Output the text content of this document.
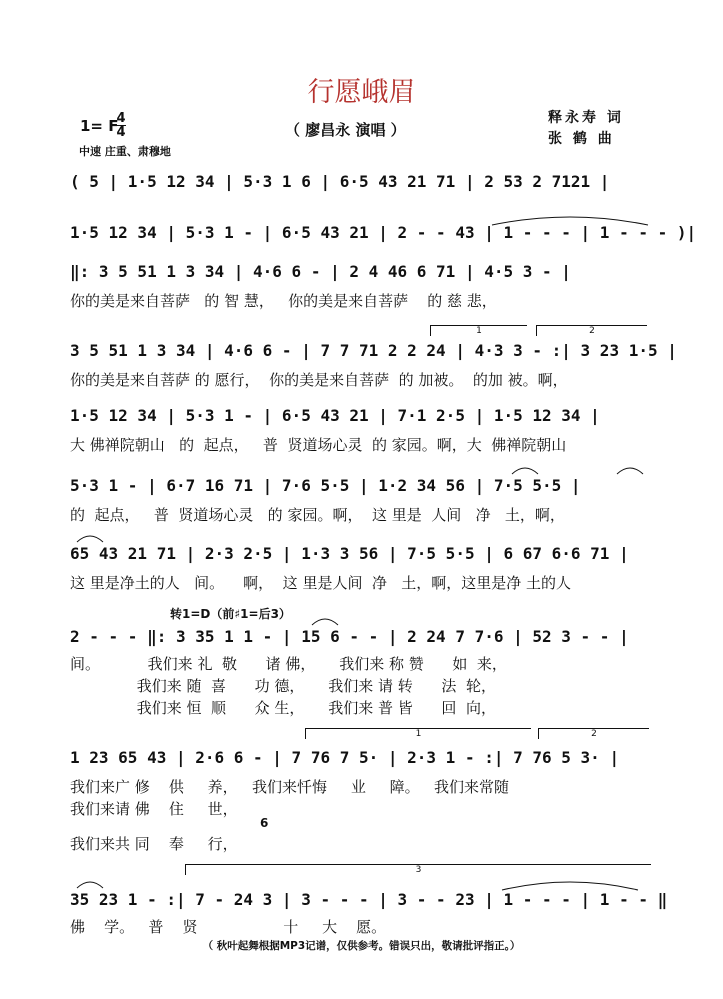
行愿峨眉
（ 廖昌永 演唱 ）
释永寿 词
张 鹤 曲
1= F
4
4
中速 庄重、肃穆地
( 5 | 1·5 12 34 | 5·3 1 6 | 6·5 43 21 71 | 2 53 2 7121 |
1·5 12 34 | 5·3 1 - | 6·5 43 21 | 2 - - 43 | 1 - - - | 1 - - - )|
‖: 3 5 51 1 3 34 | 4·6 6 - | 2 4 46 6 71 | 4·5 3 - |
你的美是来自菩萨   的 智 慧，   你的美是来自菩萨    的 慈 悲，
1	2
3 5 51 1 3 34 | 4·6 6 - | 7 7 71 2 2 24 | 4·3 3 - :| 3 23 1·5 |
你的美是来自菩萨 的 愿行，  你的美是来自菩萨  的 加被。  的加 被。啊，
1·5 12 34 | 5·3 1 - | 6·5 43 21 | 7·1 2·5 | 1·5 12 34 |
大 佛禅院朝山   的  起点，   普  贤道场心灵  的 家园。啊，大  佛禅院朝山
5·3 1 - | 6·7 16 71 | 7·6 5·5 | 1·2 34 56 | 7·5 5·5 |
的  起点，   普  贤道场心灵   的 家园。啊，  这 里是  人间   净   土，啊，
65 43 21 71 | 2·3 2·5 | 1·3 3 56 | 7·5 5·5 | 6 67 6·6 71 |
这 里是净土的人   间。    啊，  这 里是人间  净   土，啊，这里是净 土的人
转1=D（前♯1=后3）
2 - - - ‖: 3 35 1 1 - | 15 6 - - | 2 24 7 7·6 | 52 3 - - |
间。          我们来 礼  敬      诸 佛，     我们来 称 赞      如  来，
我们来 随  喜      功 德，     我们来 请 转      法  轮，
我们来 恒  顺      众 生，     我们来 普 皆      回  向，
1	2
1 23 65 43 | 2·6 6 - | 7 76 7 5· | 2·3 1 - :| 7 76 5 3· |
我们来广 修    供     养，   我们来忏悔     业     障。   我们来常随
我们来请 佛    住     世，
我们来共 同    奉     行，
6
3
35 23 1 - :| 7 - 24 3 | 3 - - - | 3 - - 23 | 1 - - - | 1 - - ‖
佛    学。   普    贤                  十     大    愿。
（ 秋叶起舞根据MP3记谱，仅供参考。错误只出，敬请批评指正。）
